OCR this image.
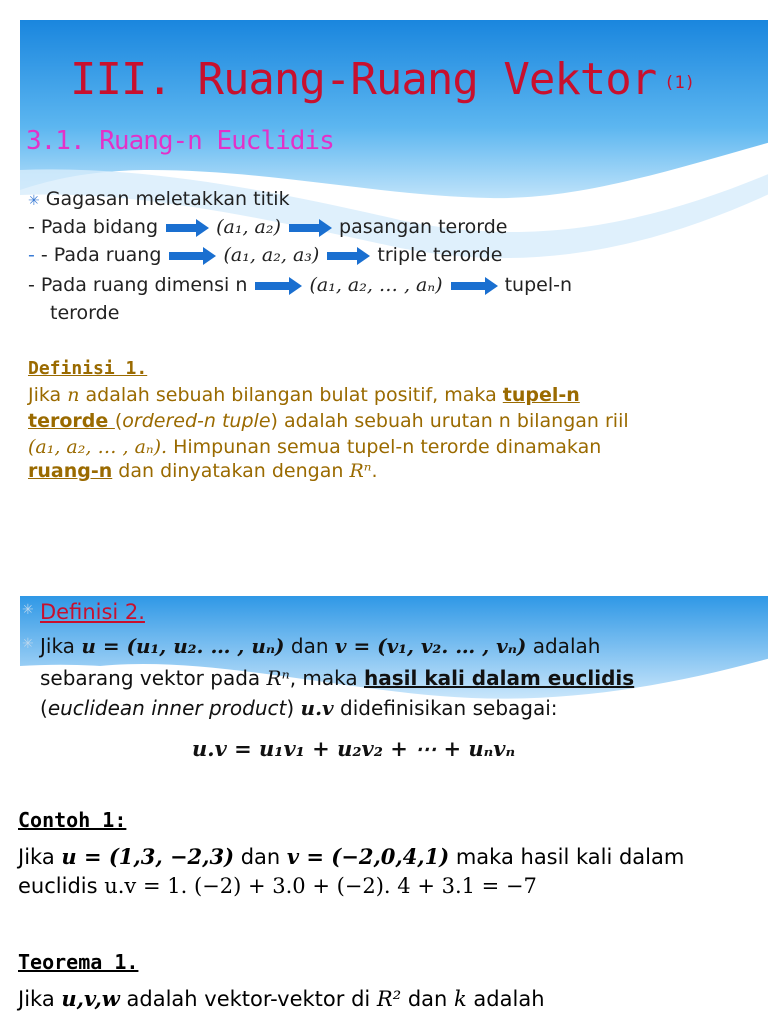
III. Ruang-Ruang Vektor (1)
3.1. Ruang-n Euclidis
✳ Gagasan meletakkan titik
- Pada bidang	(a₁, a₂)	pasangan terorde
- - Pada ruang	(a₁, a₂, a₃)	triple terorde
- Pada ruang dimensi n	(a₁, a₂, … , aₙ)	tupel-n
terorde
Definisi 1.
Jika n adalah sebuah bilangan bulat positif, maka tupel-n
terorde (ordered-n tuple) adalah sebuah urutan n bilangan riil
(a₁, a₂, … , aₙ). Himpunan semua tupel-n terorde dinamakan
ruang-n dan dinyatakan dengan Rⁿ.
✳ Definisi 2.
✳ Jika u = (u₁, u₂. … , uₙ) dan v = (v₁, v₂. … , vₙ) adalah
sebarang vektor pada Rⁿ, maka hasil kali dalam euclidis
(euclidean inner product) u.v didefinisikan sebagai:
u.v = u₁v₁ + u₂v₂ + ⋯ + uₙvₙ
Contoh 1:
Jika u = (1,3, −2,3) dan v = (−2,0,4,1) maka hasil kali dalam
euclidis u.v = 1. (−2) + 3.0 + (−2). 4 + 3.1 = −7
Teorema 1.
Jika u,v,w adalah vektor-vektor di R² dan k adalah
